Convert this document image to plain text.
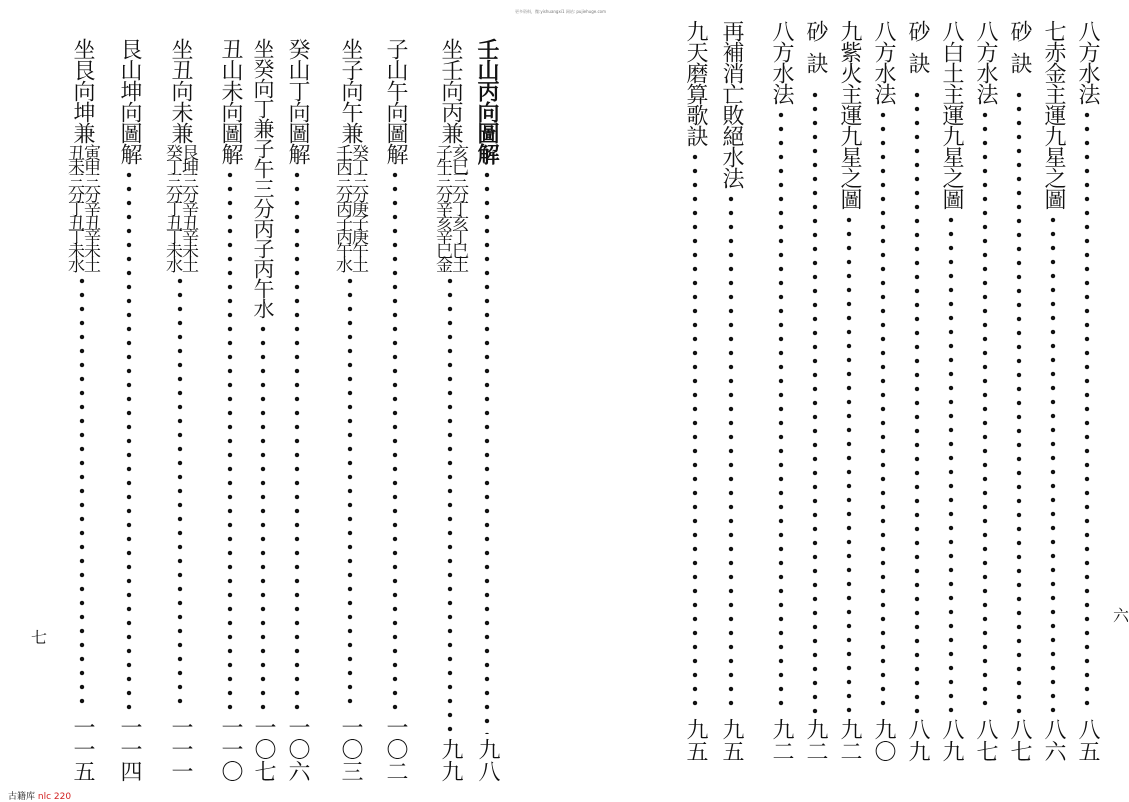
更多资料，微:yishuangxi1 网站: pujiehuge.com
壬山丙向圖解
九八
坐壬向丙兼
子午三分辛亥辛巳金
亥巳三分丁亥丁巳土
九九
子山午向圖解
一〇二
坐子向午兼
壬丙三分丙子丙午水
癸丁三分庚子庚午土
一〇三
癸山丁向圖解
一〇六
坐癸向丁兼子午三分丙子丙午水
一〇七
丑山未向圖解
一一〇
坐丑向未兼
癸丁三分丁丑丁未水
艮坤三分辛丑辛未土
一一一
艮山坤向圖解
一一四
坐艮向坤兼
丑未三分丁丑丁未水
寅申三分辛丑辛未土
一一五
七
八方水法
八五
七赤金主運九星之圖
八六
砂訣
八七
八方水法
八七
八白土主運九星之圖
八九
砂訣
八九
八方水法
九〇
九紫火主運九星之圖
九二
砂訣
九二
八方水法
九二
再補消亡敗絕水法
九五
九天磨算歌訣
九五
六
古籍库 nlc 220
